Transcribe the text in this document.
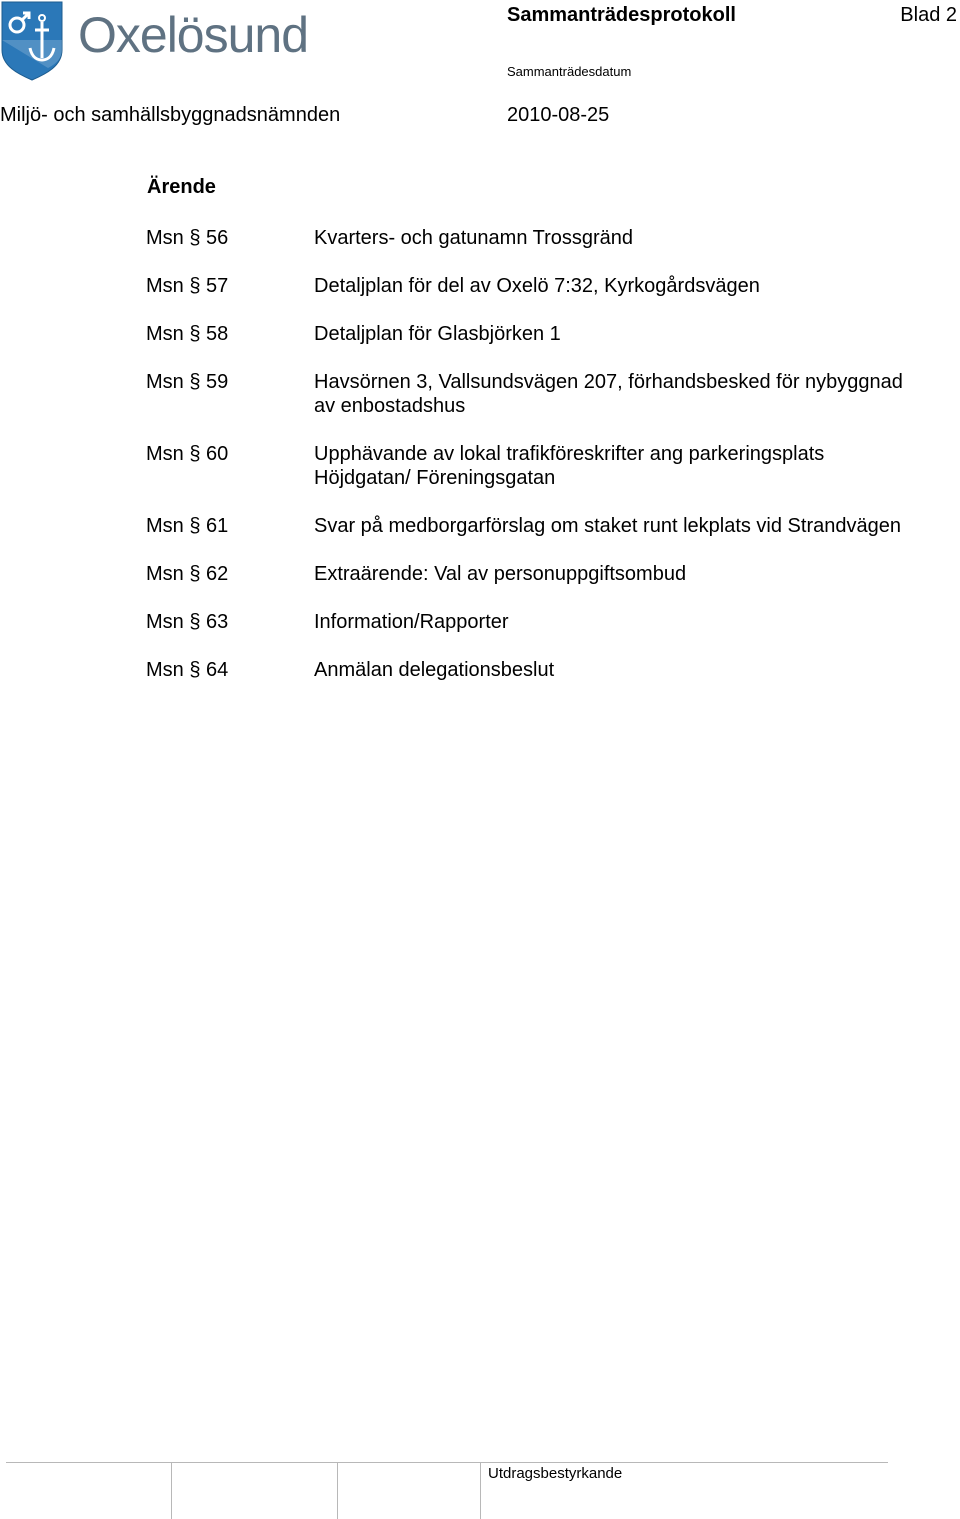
Oxelösund	Sammanträdesprotokoll	Blad 2
Sammanträdesdatum
Miljö- och samhällsbyggnadsnämnden	2010-08-25
Ärende
Msn § 56	Kvarters- och gatunamn Trossgränd
Msn § 57	Detaljplan för del av Oxelö 7:32, Kyrkogårdsvägen
Msn § 58	Detaljplan för Glasbjörken 1
Msn § 59	Havsörnen 3, Vallsundsvägen 207, förhandsbesked för nybyggnad
av enbostadshus
Msn § 60	Upphävande av lokal trafikföreskrifter ang parkeringsplats
Höjdgatan/ Föreningsgatan
Msn § 61	Svar på medborgarförslag om staket runt lekplats vid Strandvägen
Msn § 62	Extraärende: Val av personuppgiftsombud
Msn § 63	Information/Rapporter
Msn § 64	Anmälan delegationsbeslut
Utdragsbestyrkande
